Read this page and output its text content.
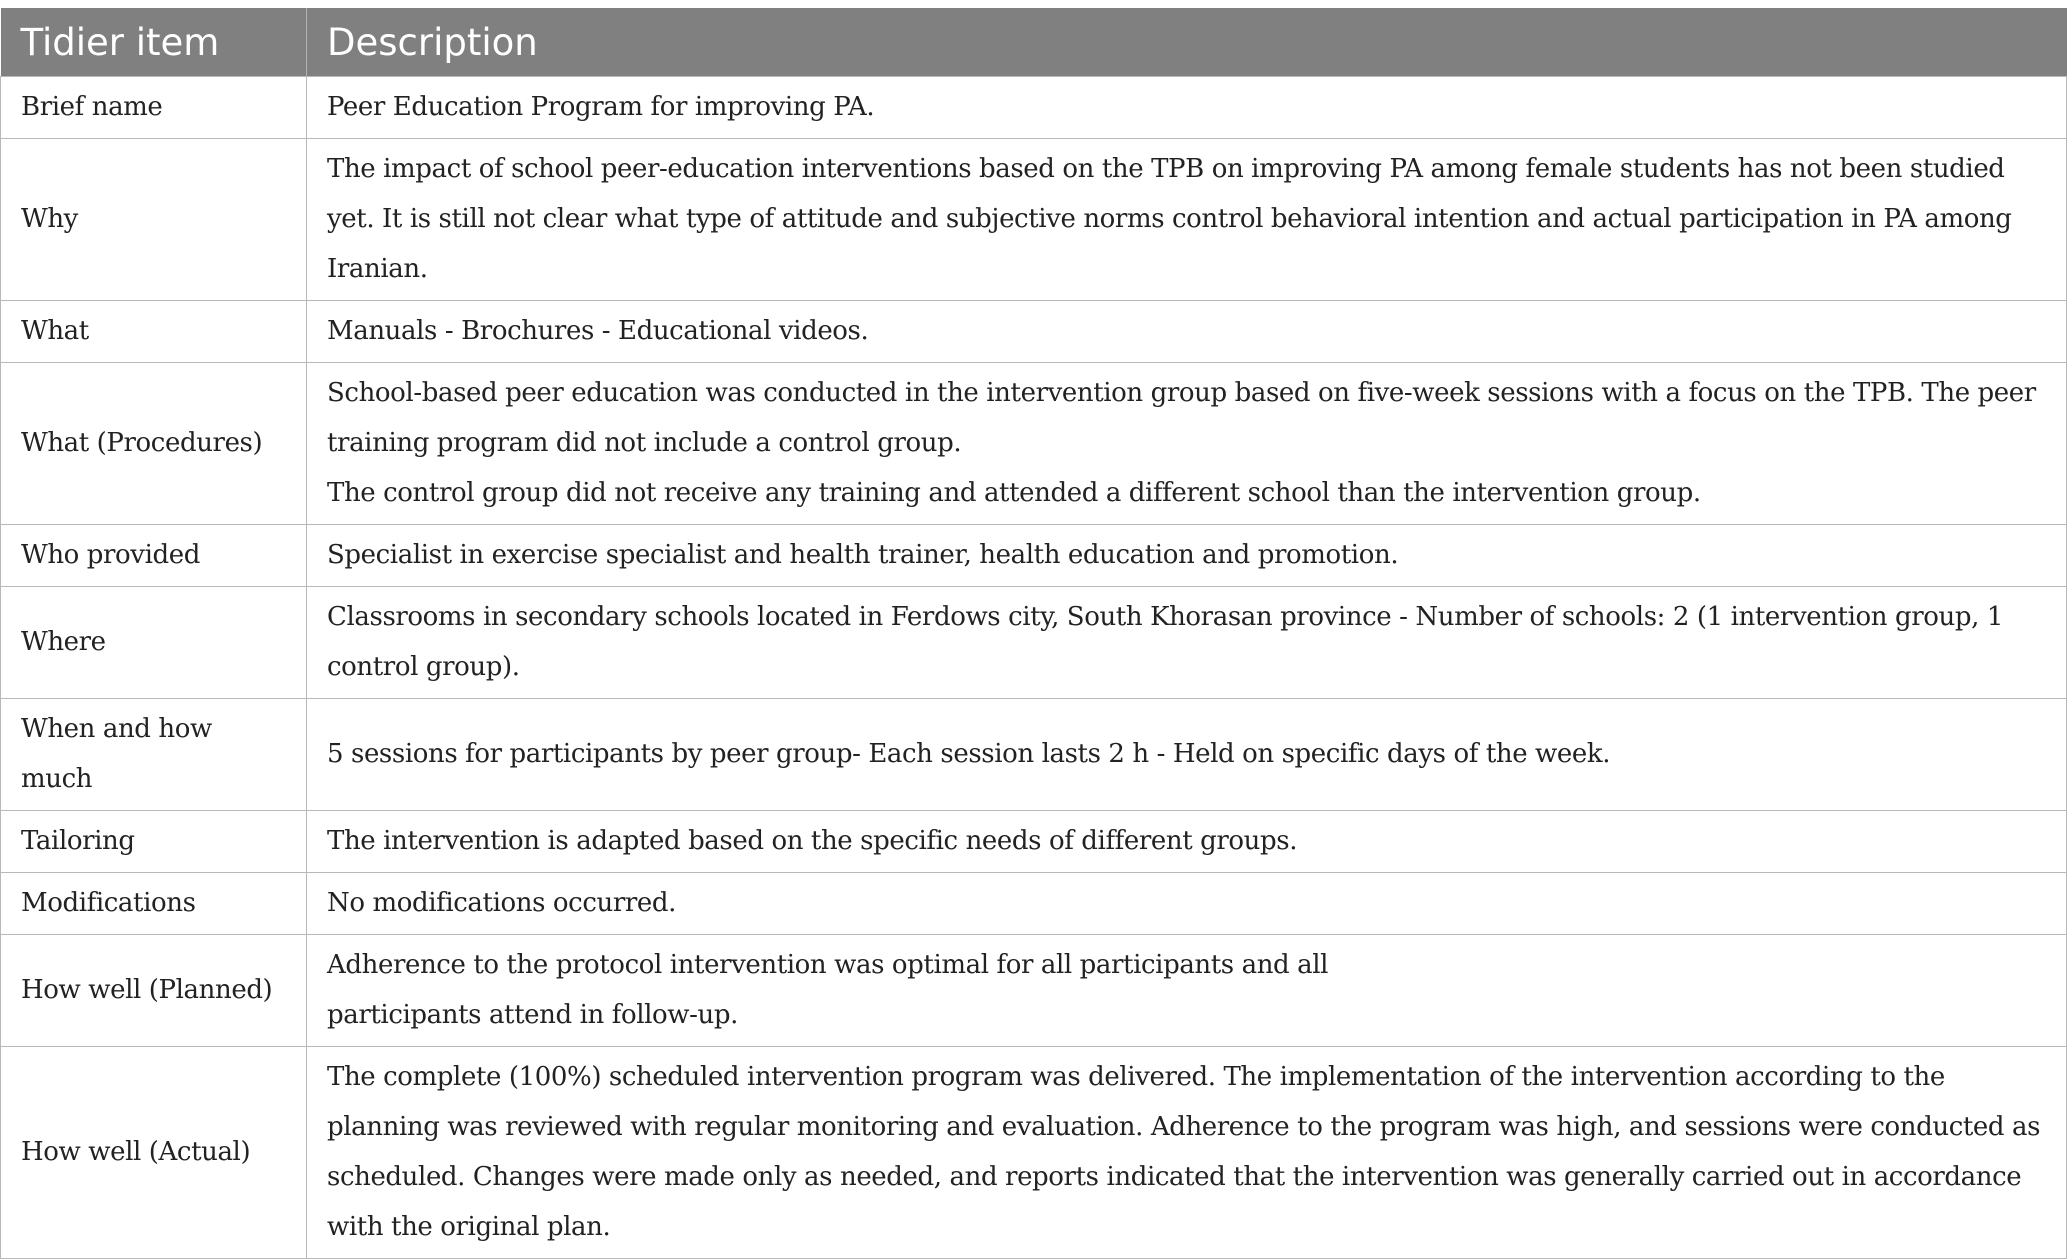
Tidier item	Description
Brief name	Peer Education Program for improving PA.

Why	The impact of school peer-education interventions based on the TPB on improving PA among female students has not been studied yet. It is still not clear what type of attitude and subjective norms control behavioral intention and actual participation in PA among Iranian.

What	Manuals - Brochures - Educational videos.

What (Procedures)	School-based peer education was conducted in the intervention group based on five-week sessions with a focus on the TPB. The peer training program did not include a control group.
The control group did not receive any training and attended a different school than the intervention group.

Who provided	Specialist in exercise specialist and health trainer, health education and promotion.

Where	Classrooms in secondary schools located in Ferdows city, South Khorasan province - Number of schools: 2 (1 intervention group, 1 control group).

When and how much	5 sessions for participants by peer group- Each session lasts 2 h - Held on specific days of the week.

Tailoring	The intervention is adapted based on the specific needs of different groups.

Modifications	No modifications occurred.

How well (Planned)	Adherence to the protocol intervention was optimal for all participants and all
participants attend in follow-up.

How well (Actual)	The complete (100%) scheduled intervention program was delivered. The implementation of the intervention according to the planning was reviewed with regular monitoring and evaluation. Adherence to the program was high, and sessions were conducted as scheduled. Changes were made only as needed, and reports indicated that the intervention was generally carried out in accordance with the original plan.
